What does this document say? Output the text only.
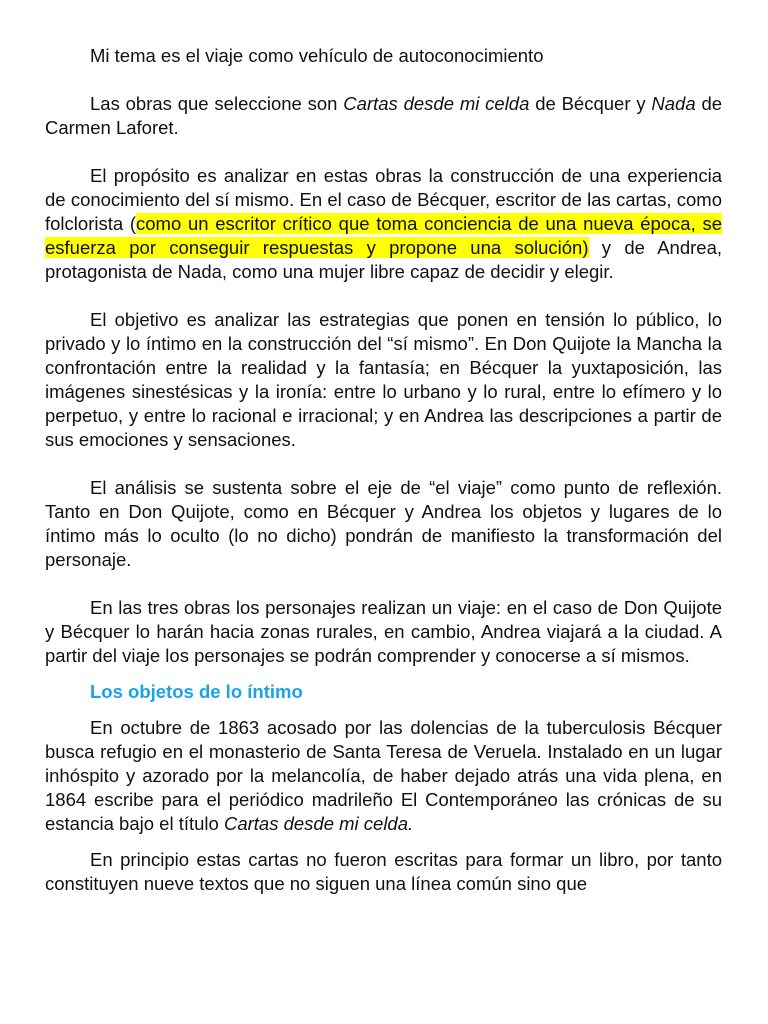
Mi tema es el viaje como vehículo de autoconocimiento

Las obras que seleccione son Cartas desde mi celda de Bécquer y Nada de Carmen Laforet.

El propósito es analizar en estas obras la construcción de una experiencia de conocimiento del sí mismo. En el caso de Bécquer, escritor de las cartas, como folclorista (como un escritor crítico que toma conciencia de una nueva época, se esfuerza por conseguir respuestas y propone una solución) y de Andrea, protagonista de Nada, como una mujer libre capaz de decidir y elegir.

El objetivo es analizar las estrategias que ponen en tensión lo público, lo privado y lo íntimo en la construcción del “sí mismo”. En Don Quijote la Mancha la confrontación entre la realidad y la fantasía; en Bécquer la yuxtaposición, las imágenes sinestésicas y la ironía: entre lo urbano y lo rural, entre lo efímero y lo perpetuo, y entre lo racional e irracional; y en Andrea las descripciones a partir de sus emociones y sensaciones.

El análisis se sustenta sobre el eje de “el viaje” como punto de reflexión. Tanto en Don Quijote, como en Bécquer y Andrea los objetos y lugares de lo íntimo más lo oculto (lo no dicho) pondrán de manifiesto la transformación del personaje.

En las tres obras los personajes realizan un viaje: en el caso de Don Quijote y Bécquer lo harán hacia zonas rurales, en cambio, Andrea viajará a la ciudad. A partir del viaje los personajes se podrán comprender y conocerse a sí mismos.

Los objetos de lo íntimo

En octubre de 1863 acosado por las dolencias de la tuberculosis Bécquer busca refugio en el monasterio de Santa Teresa de Veruela. Instalado en un lugar inhóspito y azorado por la melancolía, de haber dejado atrás una vida plena, en 1864 escribe para el periódico madrileño El Contemporáneo las crónicas de su estancia bajo el título Cartas desde mi celda.

En principio estas cartas no fueron escritas para formar un libro, por tanto constituyen nueve textos que no siguen una línea común sino que
